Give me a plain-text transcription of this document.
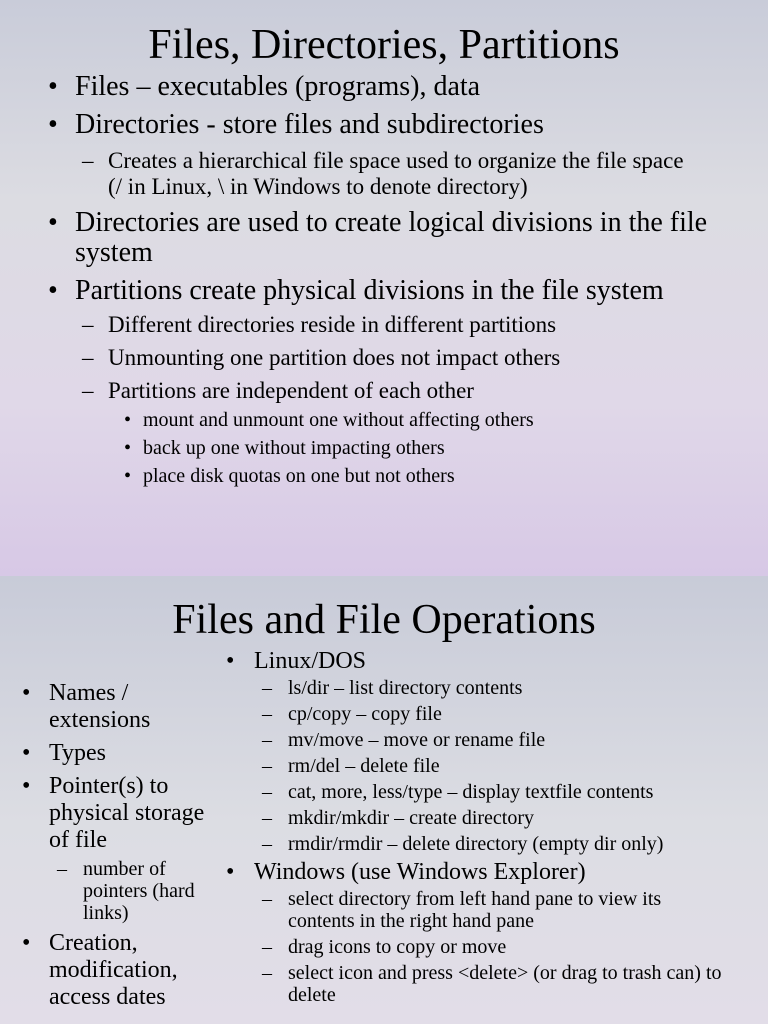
Files, Directories, Partitions
• Files – executables (programs), data
• Directories - store files and subdirectories
– Creates a hierarchical file space used to organize the file space (/ in Linux, \ in Windows to denote directory)
• Directories are used to create logical divisions in the file system
• Partitions create physical divisions in the file system
– Different directories reside in different partitions
– Unmounting one partition does not impact others
– Partitions are independent of each other
• mount and unmount one without affecting others
• back up one without impacting others
• place disk quotas on one but not others
Files and File Operations
• Names / extensions
• Types
• Pointer(s) to physical storage of file
– number of pointers (hard links)
• Creation, modification, access dates
• Linux/DOS
– ls/dir – list directory contents
– cp/copy – copy file
– mv/move – move or rename file
– rm/del – delete file
– cat, more, less/type – display textfile contents
– mkdir/mkdir – create directory
– rmdir/rmdir – delete directory (empty dir only)
• Windows (use Windows Explorer)
– select directory from left hand pane to view its contents in the right hand pane
– drag icons to copy or move
– select icon and press <delete> (or drag to trash can) to delete
